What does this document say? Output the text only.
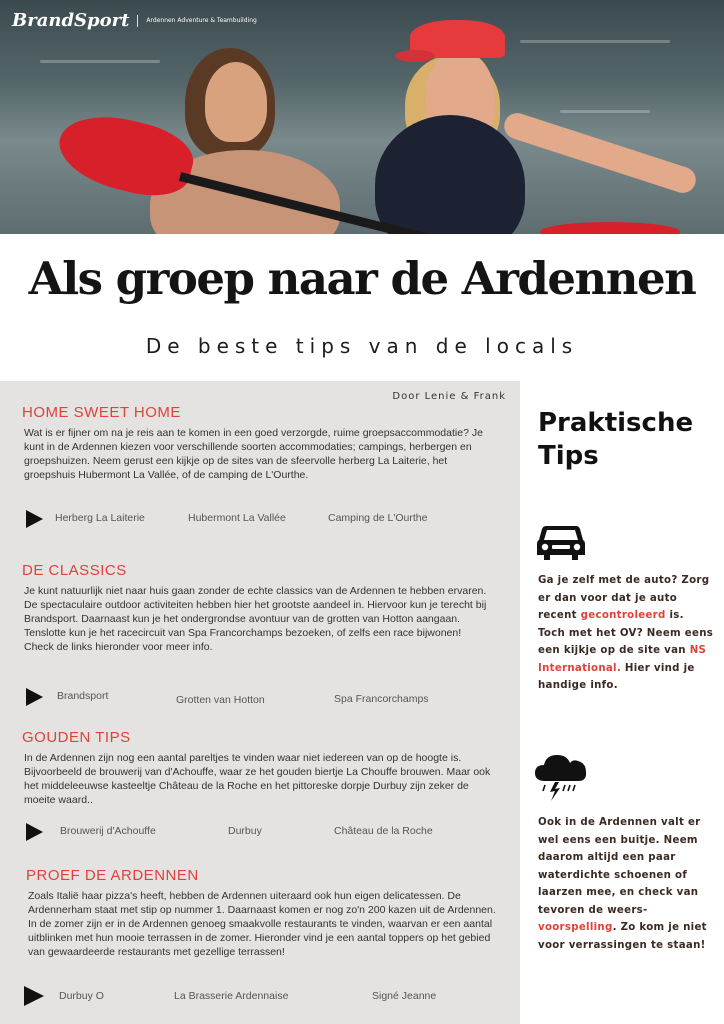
BrandSport	Ardennen Adventure & Teambuilding
Als groep naar de Ardennen
De beste tips van de locals
Door Lenie & Frank
HOME SWEET HOME

Wat is er fijner om na je reis aan te komen in een goed verzorgde, ruime groepsaccommodatie? Je kunt in de Ardennen kiezen voor verschillende soorten accommodaties; campings, herbergen en groepshuizen. Neem gerust een kijkje op de sites van de sfeervolle herberg La Laiterie, het groepshuis Hubermont La Vallée, of de camping de L'Ourthe.

Herberg La Laiterie	Hubermont La Vallée	Camping de L'Ourthe
DE CLASSICS

Je kunt natuurlijk niet naar huis gaan zonder de echte classics van de Ardennen te hebben ervaren. De spectaculaire outdoor activiteiten hebben hier het grootste aandeel in. Hiervoor kun je terecht bij Brandsport. Daarnaast kun je het ondergrondse avontuur van de grotten van Hotton aangaan. Tenslotte kun je het racecircuit van Spa Francorchamps bezoeken, of zelfs een race bijwonen! Check de links hieronder voor meer info.

Brandsport	Grotten van Hotton	Spa Francorchamps
GOUDEN TIPS

In de Ardennen zijn nog een aantal pareltjes te vinden waar niet iedereen van op de hoogte is. Bijvoorbeeld de brouwerij van d'Achouffe, waar ze het gouden biertje La Chouffe brouwen. Maar ook het middeleeuwse kasteeltje Château de la Roche en het pittoreske dorpje Durbuy zijn zeker de moeite waard..

Brouwerij d'Achouffe	Durbuy	Château de la Roche
PROEF DE ARDENNEN

Zoals Italië haar pizza's heeft, hebben de Ardennen uiteraard ook hun eigen delicatessen. De Ardennerham staat met stip op nummer 1. Daarnaast komen er nog zo'n 200 kazen uit de Ardennen. In de zomer zijn er in de Ardennen genoeg smaakvolle restaurants te vinden, waarvan er een aantal uitblinken met hun mooie terrassen in de zomer. Hieronder vind je een aantal toppers op het gebied van gewaardeerde restaurants met gezellige terrassen!

Durbuy O	La Brasserie Ardennaise	Signé Jeanne
Praktische
Tips
Ga je zelf met de auto? Zorg er dan voor dat je auto recent gecontroleerd is. Toch met het OV? Neem eens een kijkje op de site van NS International. Hier vind je handige info.
Ook in de Ardennen valt er wel eens een buitje. Neem daarom altijd een paar waterdichte schoenen of laarzen mee, en check van tevoren de weers- voorspelling. Zo kom je niet voor verrassingen te staan!
